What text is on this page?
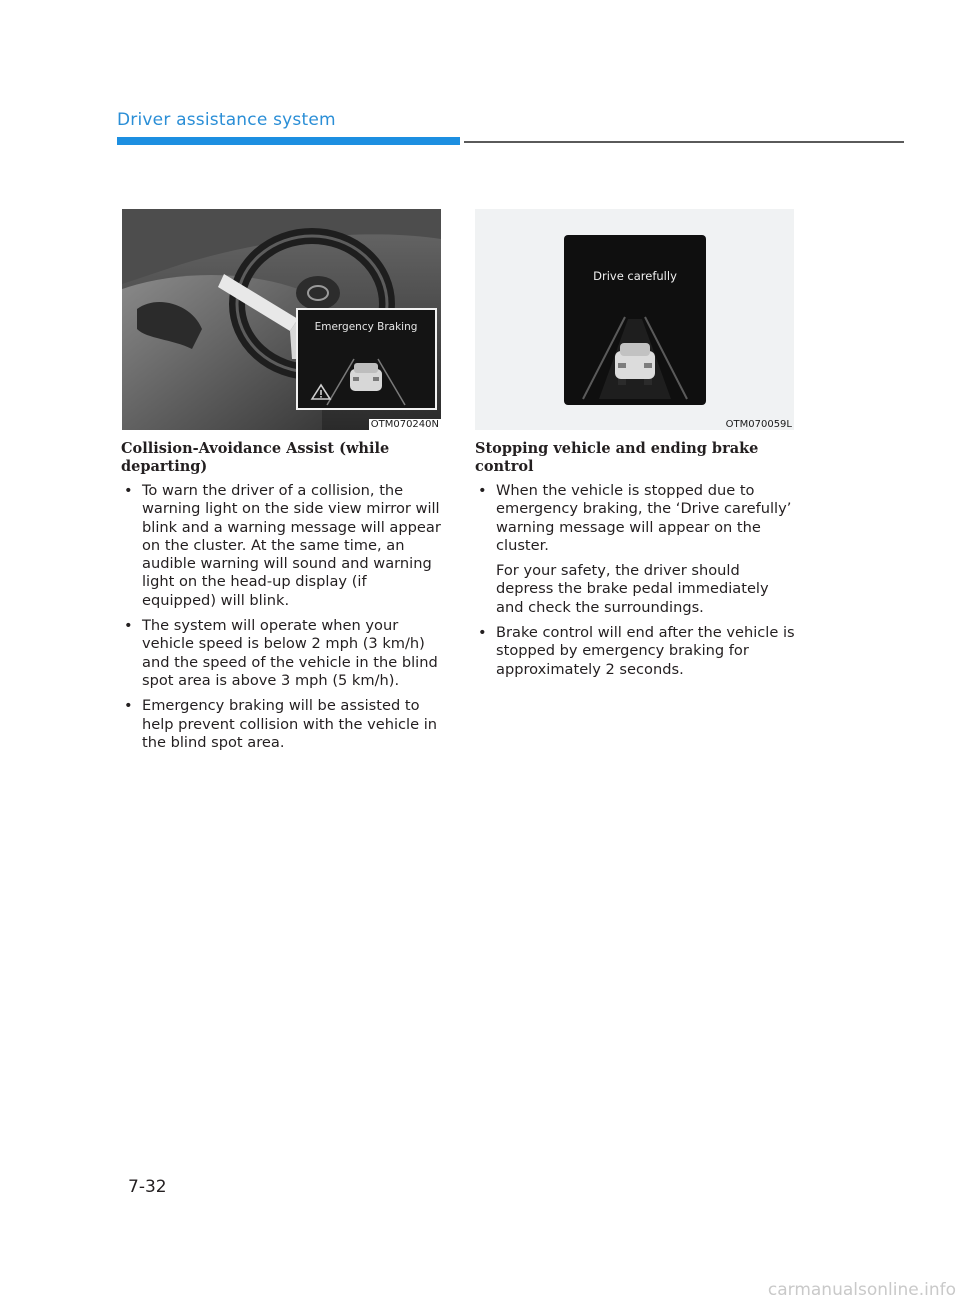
Driver assistance system
Emergency Braking
OTM070240N
Drive carefully
OTM070059L
Collision-Avoidance Assist (while departing)
• To warn the driver of a collision, the warning light on the side view mirror will blink and a warning message will appear on the cluster. At the same time, an audible warning will sound and warning light on the head-up display (if equipped) will blink.

• The system will operate when your vehicle speed is below 2 mph (3 km/h) and the speed of the vehicle in the blind spot area is above 3 mph (5 km/h).

• Emergency braking will be assisted to help prevent collision with the vehicle in the blind spot area.

Stopping vehicle and ending brake control
• When the vehicle is stopped due to emergency braking, the ‘Drive carefully’ warning message will appear on the cluster.

For your safety, the driver should depress the brake pedal immediately and check the surroundings.

• Brake control will end after the vehicle is stopped by emergency braking for approximately 2 seconds.

7-32
carmanualsonline.info
